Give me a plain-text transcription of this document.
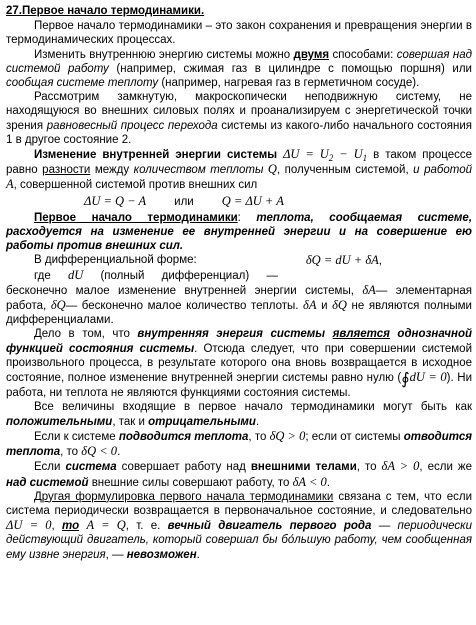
27.Первое начало термодинамики.

Первое начало термодинамики – это закон сохранения и превращения энергии в термодинамических процессах.

Изменить внутреннюю энергию системы можно двумя способами: совершая над системой работу (например, сжимая газ в цилиндре с помощью поршня) или сообщая системе теплоту (например, нагревая газ в герметичном сосуде).

Рассмотрим замкнутую, макроскопически неподвижную систему, не находящуюся во внешних силовых полях и проанализируем с энергетической точки зрения равновесный процесс перехода системы из какого-либо начального состояния 1 в другое состояние 2.

Изменение внутренней энергии системы $\Delta U = U_2 - U_1$ в таком процессе равно разности между количеством теплоты Q, полученным системой, и работой A, совершенной системой против внешних сил

ΔU = Q − A или Q = ΔU + A

Первое начало термодинамики: теплота, сообщаемая системе, расходуется на изменение ее внутренней энергии и на совершение ею работы против внешних сил.

В дифференциальной форме:	δQ = dU + δA,

где dU (полный дифференциал) — бесконечно малое изменение внутренней энергии системы, δA— элементарная работа, δQ— бесконечно малое количество теплоты. δA и δQ не являются полными дифференциалами.

Дело в том, что внутренняя энергия системы является однозначной функцией состояния системы. Отсюда следует, что при совершении системой произвольного процесса, в результате которого она вновь возвращается в исходное состояние, полное изменение внутренней энергии системы равно нулю (∮dU = 0). Ни работа, ни теплота не являются функциями состояния системы.

Все величины входящие в первое начало термодинамики могут быть как положительными, так и отрицательными.

Если к системе подводится теплота, то δQ > 0; если от системы отводится теплота, то δQ < 0.

Если система совершает работу над внешними телами, то δA > 0, если же над системой внешние силы совершают работу, то δA < 0.

Другая формулировка первого начала термодинамики связана с тем, что если система периодически возвращается в первоначальное состояние, и следовательно ΔU = 0, то A = Q, т. е. вечный двигатель первого рода — периодически действующий двигатель, который совершал бы бо́льшую работу, чем сообщенная ему извне энергия, — невозможен.
